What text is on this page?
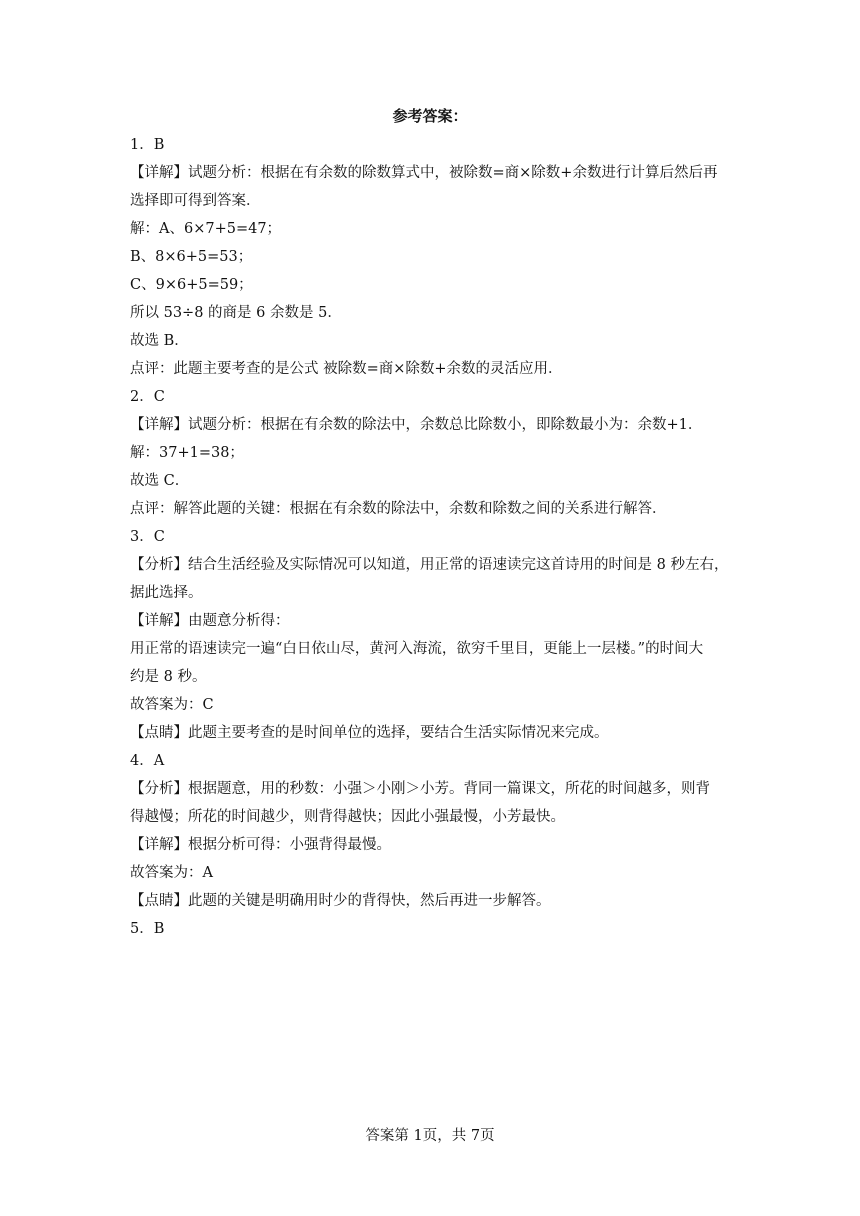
参考答案：
1．B
【详解】试题分析：根据在有余数的除数算式中，被除数=商×除数+余数进行计算后然后再
选择即可得到答案．
解：A、6×7+5=47；
B、8×6+5=53；
C、9×6+5=59；
所以 53÷8 的商是 6 余数是 5．
故选 B．
点评：此题主要考查的是公式 被除数=商×除数+余数的灵活应用．
2．C
【详解】试题分析：根据在有余数的除法中，余数总比除数小，即除数最小为：余数+1．
解：37+1=38；
故选 C．
点评：解答此题的关键：根据在有余数的除法中，余数和除数之间的关系进行解答．
3．C
【分析】结合生活经验及实际情况可以知道，用正常的语速读完这首诗用的时间是 8 秒左右，
据此选择。
【详解】由题意分析得：
用正常的语速读完一遍“白日依山尽，黄河入海流，欲穷千里目，更能上一层楼。”的时间大
约是 8 秒。
故答案为：C
【点睛】此题主要考查的是时间单位的选择，要结合生活实际情况来完成。
4．A
【分析】根据题意，用的秒数：小强＞小刚＞小芳。背同一篇课文，所花的时间越多，则背
得越慢；所花的时间越少，则背得越快；因此小强最慢，小芳最快。
【详解】根据分析可得：小强背得最慢。
故答案为：A
【点睛】此题的关键是明确用时少的背得快，然后再进一步解答。
5．B
答案第 1页，共 7页
